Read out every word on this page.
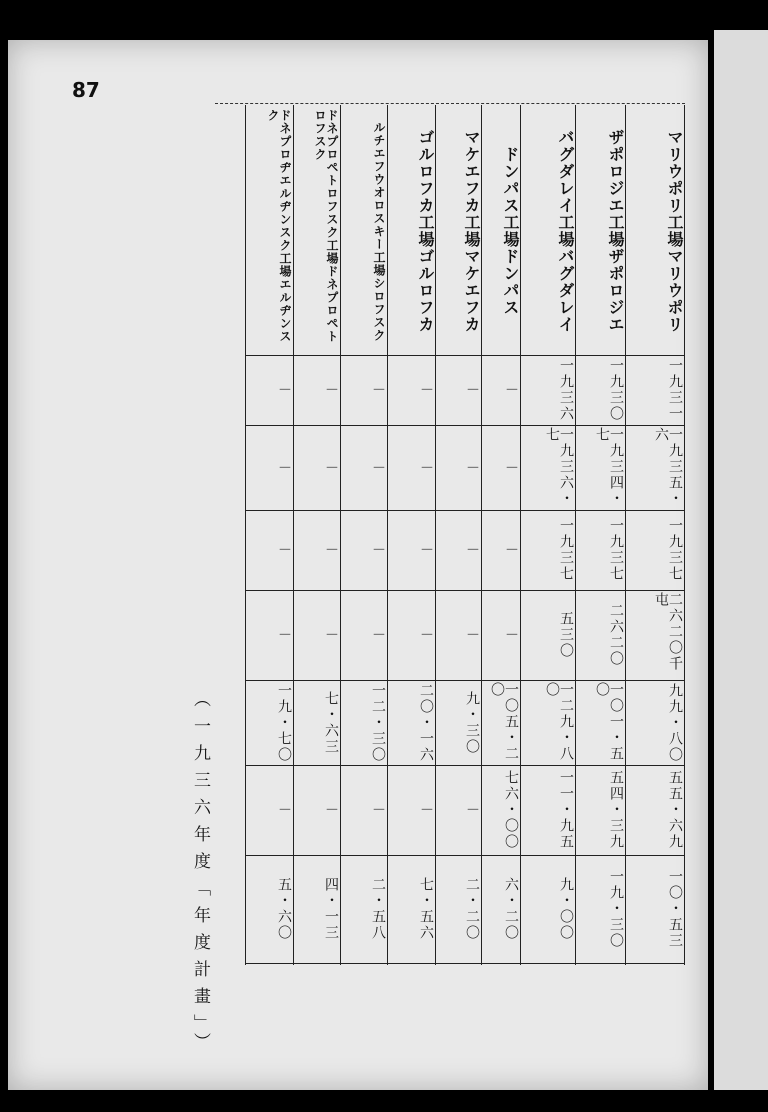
87
マリウポリ工場マリウポリ
一九三一
一九三五・六
一九三七
二六二〇千屯
九九・八〇
五五・六九
一〇・五三
ザポロジエ工場ザポロジエ
一九三〇
一九三四・七
一九三七
二六二〇
一〇一・五〇
五四・三九
一九・三〇
バグダレイ工場バグダレイ
一九三六
一九三六・七
一九三七
五三〇
一二九・八〇
一一・九五
九・〇〇
ドンパス工場ドンパス
－
－
－
－
一〇五・二〇
七六・〇〇
六・二〇
マケエフカ工場マケエフカ
－
－
－
－
九・三〇
－
二・二〇
ゴルロフカ工場ゴルロフカ
－
－
－
－
二〇・一六
－
七・五六
ルチエフウオロスキー工場シロフスク
－
－
－
－
一二・三〇
－
二・五八
ドネプロペトロフスク工場ドネプロペトロフスク
－
－
－
－
七・六三
－
四・一三
ドネプロヂエルヂンスク工場エルヂンスク
－
－
－
－
一九・七〇
－
五・六〇
（一九三六年度「年度計畫」）
